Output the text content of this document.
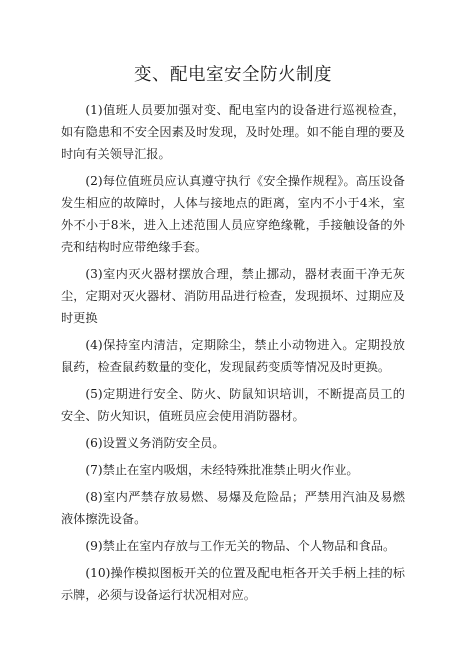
变、配电室安全防火制度

(1)值班人员要加强对变、配电室内的设备进行巡视检查，如有隐患和不安全因素及时发现，及时处理。如不能自理的要及时向有关领导汇报。

(2)每位值班员应认真遵守执行《安全操作规程》。高压设备发生相应的故障时，人体与接地点的距离，室内不小于4米，室外不小于8米，进入上述范围人员应穿绝缘靴，手接触设备的外壳和结构时应带绝缘手套。

(3)室内灭火器材摆放合理，禁止挪动，器材表面干净无灰尘，定期对灭火器材、消防用品进行检查，发现损坏、过期应及时更换

(4)保持室内清洁，定期除尘，禁止小动物进入。定期投放鼠药，检查鼠药数量的变化，发现鼠药变质等情况及时更换。

(5)定期进行安全、防火、防鼠知识培训，不断提高员工的安全、防火知识，值班员应会使用消防器材。

(6)设置义务消防安全员。

(7)禁止在室内吸烟，未经特殊批准禁止明火作业。

(8)室内严禁存放易燃、易爆及危险品；严禁用汽油及易燃液体擦洗设备。

(9)禁止在室内存放与工作无关的物品、个人物品和食品。

(10)操作模拟图板开关的位置及配电柜各开关手柄上挂的标示牌，必须与设备运行状况相对应。
